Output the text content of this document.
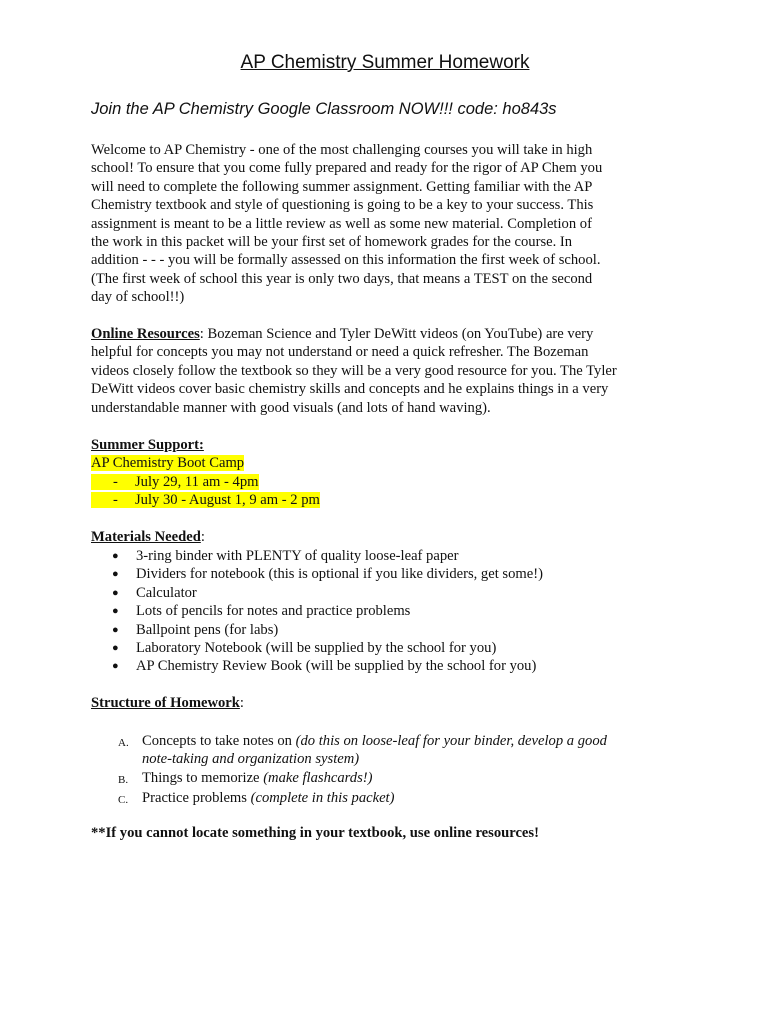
AP Chemistry Summer Homework
Join the AP Chemistry Google Classroom NOW!!! code: ho843s
Welcome to AP Chemistry - one of the most challenging courses you will take in high
school! To ensure that you come fully prepared and ready for the rigor of AP Chem you
will need to complete the following summer assignment. Getting familiar with the AP
Chemistry textbook and style of questioning is going to be a key to your success. This
assignment is meant to be a little review as well as some new material. Completion of
the work in this packet will be your first set of homework grades for the course. In
addition - - - you will be formally assessed on this information the first week of school.
(The first week of school this year is only two days, that means a TEST on the second
day of school!!)
Online Resources: Bozeman Science and Tyler DeWitt videos (on YouTube) are very
helpful for concepts you may not understand or need a quick refresher. The Bozeman
videos closely follow the textbook so they will be a very good resource for you. The Tyler
DeWitt videos cover basic chemistry skills and concepts and he explains things in a very
understandable manner with good visuals (and lots of hand waving).
Summer Support:
AP Chemistry Boot Camp
- July 29, 11 am - 4pm
- July 30 - August 1, 9 am - 2 pm
Materials Needed:
●	3-ring binder with PLENTY of quality loose-leaf paper
●	Dividers for notebook (this is optional if you like dividers, get some!)
●	Calculator
●	Lots of pencils for notes and practice problems
●	Ballpoint pens (for labs)
●	Laboratory Notebook (will be supplied by the school for you)
●	AP Chemistry Review Book (will be supplied by the school for you)
Structure of Homework:
A. Concepts to take notes on (do this on loose-leaf for your binder, develop a good
note-taking and organization system)
B. Things to memorize (make flashcards!)
C. Practice problems (complete in this packet)
**If you cannot locate something in your textbook, use online resources!
